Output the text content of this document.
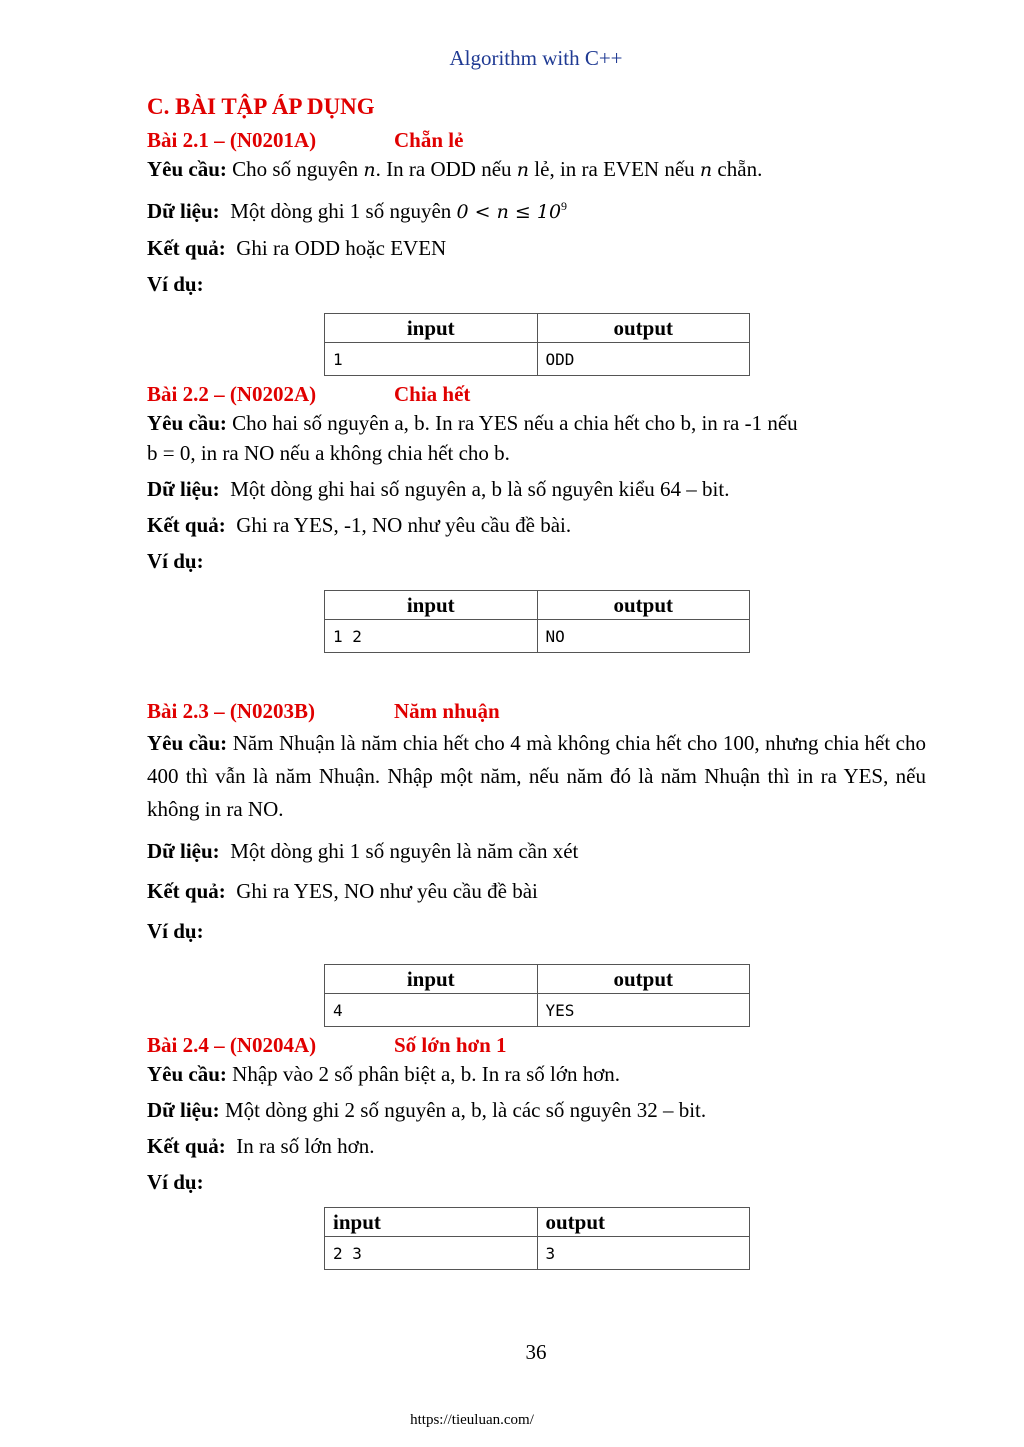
Algorithm with C++
C. BÀI TẬP ÁP DỤNG
Bài 2.1 – (N0201A)	Chẵn lẻ

Yêu cầu: Cho số nguyên n. In ra ODD nếu n lẻ, in ra EVEN nếu n chẵn.

Dữ liệu: Một dòng ghi 1 số nguyên $0 < n \le 10^9$

Kết quả: Ghi ra ODD hoặc EVEN

Ví dụ:

input	output
1	ODD
Bài 2.2 – (N0202A)	Chia hết

Yêu cầu: Cho hai số nguyên a, b. In ra YES nếu a chia hết cho b, in ra -1 nếu

b = 0, in ra NO nếu a không chia hết cho b.

Dữ liệu: Một dòng ghi hai số nguyên a, b là số nguyên kiểu 64 – bit.

Kết quả: Ghi ra YES, -1, NO như yêu cầu đề bài.

Ví dụ:

input	output
1 2	NO
Bài 2.3 – (N0203B)	Năm nhuận

Yêu cầu: Năm Nhuận là năm chia hết cho 4 mà không chia hết cho 100, nhưng chia hết cho 400 thì vẫn là năm Nhuận. Nhập một năm, nếu năm đó là năm Nhuận thì in ra YES, nếu không in ra NO.

Dữ liệu: Một dòng ghi 1 số nguyên là năm cần xét

Kết quả: Ghi ra YES, NO như yêu cầu đề bài

Ví dụ:

input	output
4	YES
Bài 2.4 – (N0204A)	Số lớn hơn 1

Yêu cầu: Nhập vào 2 số phân biệt a, b. In ra số lớn hơn.

Dữ liệu: Một dòng ghi 2 số nguyên a, b, là các số nguyên 32 – bit.

Kết quả: In ra số lớn hơn.

Ví dụ:

input	output
2 3	3
36
https://tieuluan.com/
